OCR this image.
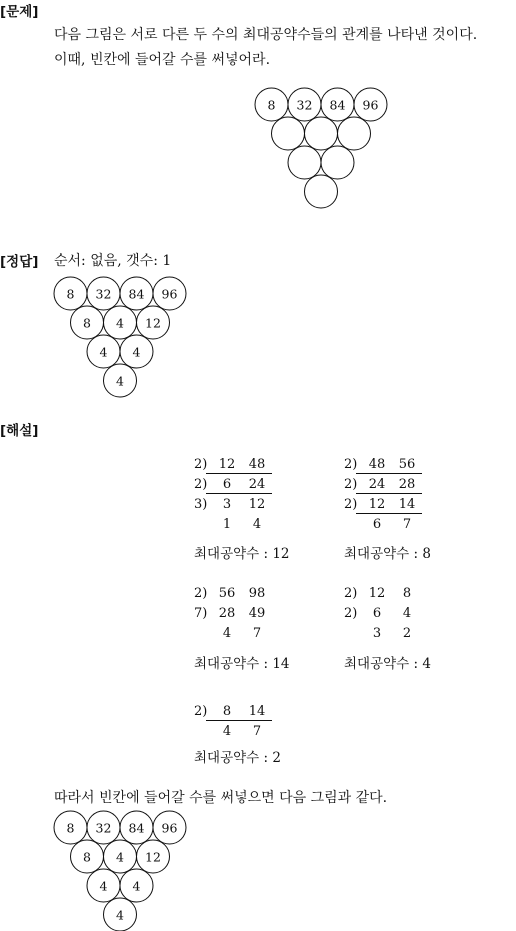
[문제]
다음 그림은 서로 다른 두 수의 최대공약수들의 관계를 나타낸 것이다.
이때, 빈칸에 들어갈 수를 써넣어라.
8 32 84 96
[정답] 순서: 없음, 갯수: 1
8 32 84 96
8 4 12
4 4
4
[해설]
2) 12	48
2)	6	24
3)	3	12
1	4
최대공약수 : 12
2) 48	56
2) 24	28
2) 12	14
6	7
최대공약수 : 8
2) 56	98
7) 28	49
4	7
최대공약수 : 14
2) 12	8
2)	6	4
3	2
최대공약수 : 4
2)	8	14
4	7
최대공약수 : 2
따라서 빈칸에 들어갈 수를 써넣으면 다음 그림과 같다.
8 32 84 96
8 4 12
4 4
4
